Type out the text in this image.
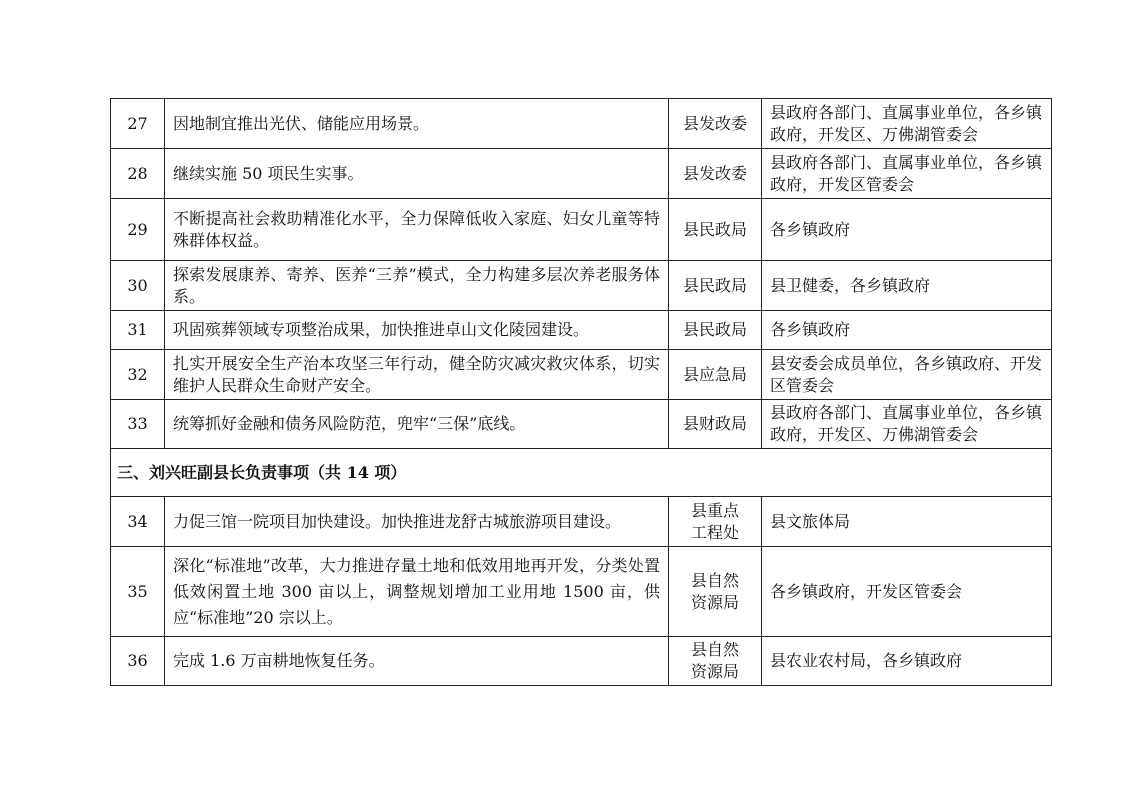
27	因地制宜推出光伏、储能应用场景。	县发改委	县政府各部门、直属事业单位，各乡镇政府，开发区、万佛湖管委会
28	继续实施 50 项民生实事。	县发改委	县政府各部门、直属事业单位，各乡镇政府，开发区管委会
29	不断提高社会救助精准化水平，全力保障低收入家庭、妇女儿童等特殊群体权益。	县民政局	各乡镇政府
30	探索发展康养、寄养、医养“三养”模式，全力构建多层次养老服务体系。	县民政局	县卫健委，各乡镇政府
31	巩固殡葬领域专项整治成果，加快推进卓山文化陵园建设。	县民政局	各乡镇政府
32	扎实开展安全生产治本攻坚三年行动，健全防灾减灾救灾体系，切实维护人民群众生命财产安全。	县应急局	县安委会成员单位，各乡镇政府、开发区管委会
33	统筹抓好金融和债务风险防范，兜牢“三保”底线。	县财政局	县政府各部门、直属事业单位，各乡镇政府，开发区、万佛湖管委会
三、刘兴旺副县长负责事项（共 14 项）			
34	力促三馆一院项目加快建设。加快推进龙舒古城旅游项目建设。	县重点工程处	县文旅体局
35	深化“标准地”改革，大力推进存量土地和低效用地再开发，分类处置低效闲置土地 300 亩以上，调整规划增加工业用地 1500 亩，供应“标准地”20 宗以上。	县自然资源局	各乡镇政府，开发区管委会
36	完成 1.6 万亩耕地恢复任务。	县自然资源局	县农业农村局，各乡镇政府
